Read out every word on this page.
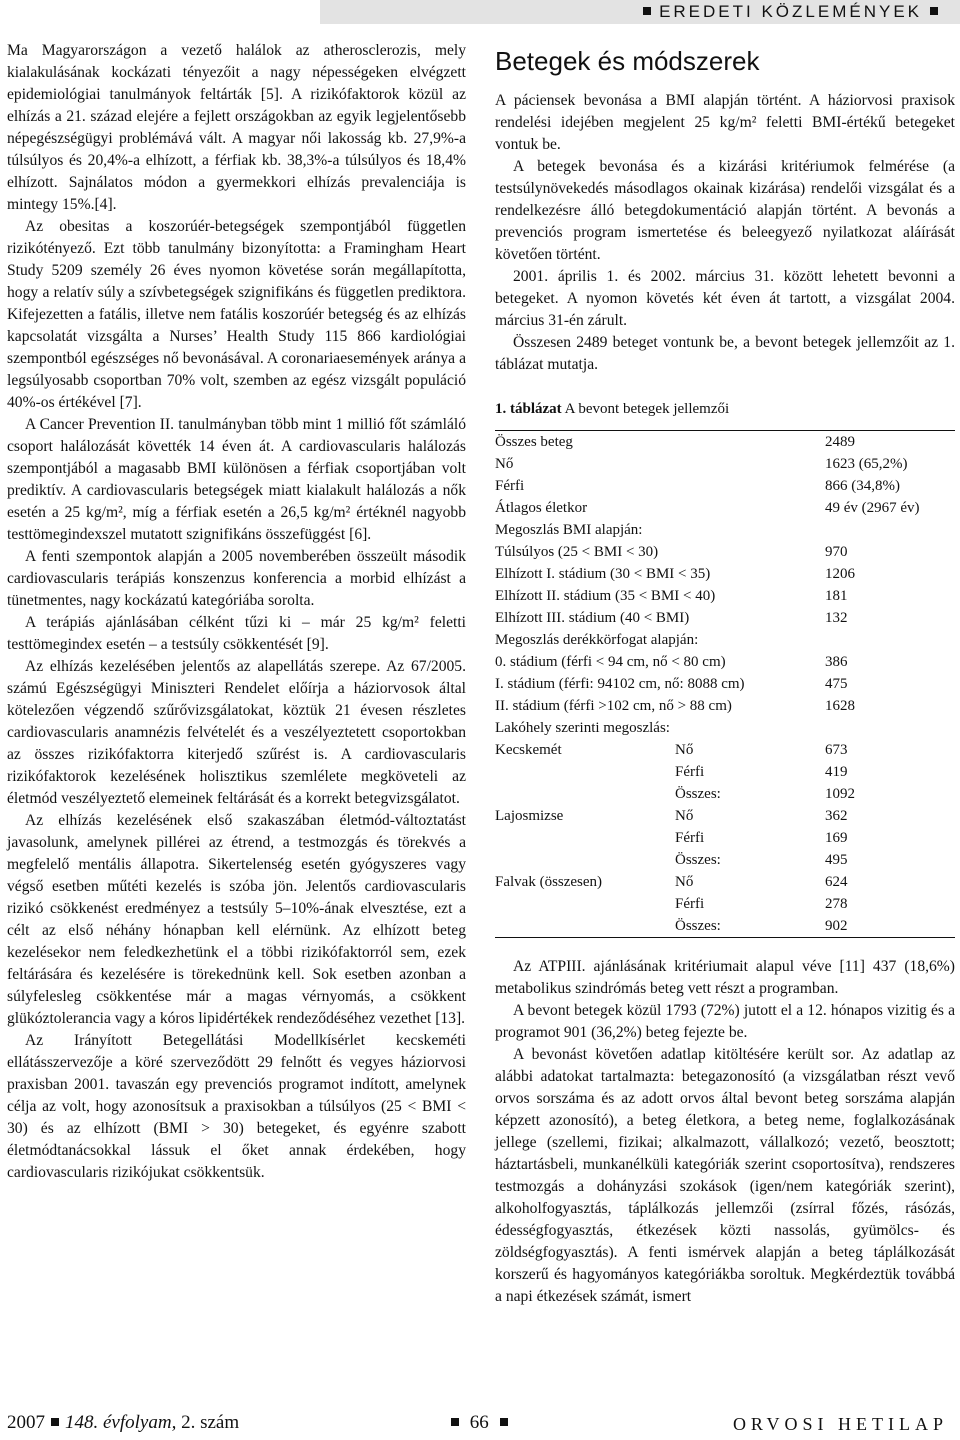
EREDETI KÖZLEMÉNYEK

Ma Magyarországon a vezető halálok az atherosclerozis, mely kialakulásának kockázati tényezőit a nagy népességeken elvégzett epidemiológiai tanulmányok feltárták [5]. A rizikófaktorok közül az elhízás a 21. század elejére a fejlett országokban az egyik legjelentősebb népegészségügyi problémává vált. A magyar női lakosság kb. 27,9%-a túlsúlyos és 20,4%-a elhízott, a férfiak kb. 38,3%-a túlsúlyos és 18,4% elhízott. Sajnálatos módon a gyermekkori elhízás prevalenciája is mintegy 15%.[4].

Az obesitas a koszorúér-betegségek szempontjából független rizikótényező. Ezt több tanulmány bizonyította: a Framingham Heart Study 5209 személy 26 éves nyomon követése során megállapította, hogy a relatív súly a szívbetegségek szignifikáns és független prediktora. Kifejezetten a fatális, illetve nem fatális koszorúér betegség és az elhízás kapcsolatát vizsgálta a Nurses’ Health Study 115 866 kardiológiai szempontból egészséges nő bevonásával. A coronariaesemények aránya a legsúlyosabb csoportban 70% volt, szemben az egész vizsgált populáció 40%-os értékével [7].

A Cancer Prevention II. tanulmányban több mint 1 millió főt számláló csoport halálozását követték 14 éven át. A cardiovascularis halálozás szempontjából a magasabb BMI különösen a férfiak csoportjában volt prediktív. A cardiovascularis betegségek miatt kialakult halálozás a nők esetén a 25 kg/m², míg a férfiak esetén a 26,5 kg/m² értéknél nagyobb testtömegindexszel mutatott szignifikáns összefüggést [6].

A fenti szempontok alapján a 2005 novemberében összeült második cardiovascularis terápiás konszenzus konferencia a morbid elhízást a tünetmentes, nagy kockázatú kategóriába sorolta.

A terápiás ajánlásában célként tűzi ki – már 25 kg/m² feletti testtömegindex esetén – a testsúly csökkentését [9].

Az elhízás kezelésében jelentős az alapellátás szerepe. Az 67/2005. számú Egészségügyi Miniszteri Rendelet előírja a háziorvosok által kötelezően végzendő szűrővizsgálatokat, köztük 21 évesen részletes cardiovascularis anamnézis felvételét és a veszélyeztetett csoportokban az összes rizikófaktorra kiterjedő szűrést is. A cardiovascularis rizikófaktorok kezelésének holisztikus szemlélete megköveteli az életmód veszélyeztető elemeinek feltárását és a korrekt betegvizsgálatot.

Az elhízás kezelésének első szakaszában életmód-változtatást javasolunk, amelynek pillérei az étrend, a testmozgás és törekvés a megfelelő mentális állapotra. Sikertelenség esetén gyógyszeres vagy végső esetben műtéti kezelés is szóba jön. Jelentős cardiovascularis rizikó csökkenést eredményez a testsúly 5–10%-ának elvesztése, ezt a célt az első néhány hónapban kell elérnünk. Az elhízott beteg kezelésekor nem feledkezhetünk el a többi rizikófaktorról sem, ezek feltárására és kezelésére is törekednünk kell. Sok esetben azonban a súlyfelesleg csökkentése már a magas vérnyomás, a csökkent glükóztolerancia vagy a kóros lipidértékek rendeződéséhez vezethet [13].

Az Irányított Betegellátási Modellkísérlet kecskeméti ellátásszervezője a köré szerveződött 29 felnőtt és vegyes háziorvosi praxisban 2001. tavaszán egy prevenciós programot indított, amelynek célja az volt, hogy azonosítsuk a praxisokban a túlsúlyos (25 < BMI < 30) és az elhízott (BMI > 30) betegeket, és egyénre szabott életmódtanácsokkal lássuk el őket annak érdekében, hogy cardiovascularis rizikójukat csökkentsük.

Betegek és módszerek

A páciensek bevonása a BMI alapján történt. A háziorvosi praxisok rendelési idejében megjelent 25 kg/m² feletti BMI-értékű betegeket vontuk be.

A betegek bevonása és a kizárási kritériumok felmérése (a testsúlynövekedés másodlagos okainak kizárása) rendelői vizsgálat és a rendelkezésre álló betegdokumentáció alapján történt. A bevonás a prevenciós program ismertetése és beleegyező nyilatkozat aláírását követően történt.

2001. április 1. és 2002. március 31. között lehetett bevonni a betegeket. A nyomon követés két éven át tartott, a vizsgálat 2004. március 31-én zárult.

Összesen 2489 beteget vontunk be, a bevont betegek jellemzőit az 1. táblázat mutatja.

1. táblázat A bevont betegek jellemzői
Összes beteg		2489
Nő		1623 (65,2%)
Férfi		866 (34,8%)
Átlagos életkor		49 év (2967 év)
Megoszlás BMI alapján:		
Túlsúlyos (25 < BMI < 30)		970
Elhízott I. stádium (30 < BMI < 35)		1206
Elhízott II. stádium (35 < BMI < 40)		181
Elhízott III. stádium (40 < BMI)		132
Megoszlás derékkörfogat alapján:		
0. stádium (férfi < 94 cm, nő < 80 cm)		386
I. stádium (férfi: 94102 cm, nő: 8088 cm)		475
II. stádium (férfi >102 cm, nő > 88 cm)		1628
Lakóhely szerinti megoszlás:		
Kecskemét	Nő	673
	Férfi	419
	Összes:	1092
Lajosmizse	Nő	362
	Férfi	169
	Összes:	495
Falvak (összesen)	Nő	624
	Férfi	278
	Összes:	902

Az ATPIII. ajánlásának kritériumait alapul véve [11] 437 (18,6%) metabolikus szindrómás beteg vett részt a programban.

A bevont betegek közül 1793 (72%) jutott el a 12. hónapos vizitig és a programot 901 (36,2%) beteg fejezte be.

A bevonást követően adatlap kitöltésére került sor. Az adatlap az alábbi adatokat tartalmazta: betegazonosító (a vizsgálatban részt vevő orvos sorszáma és az adott orvos által bevont beteg sorszáma alapján képzett azonosító), a beteg életkora, a beteg neme, foglalkozásának jellege (szellemi, fizikai; alkalmazott, vállalkozó; vezető, beosztott; háztartásbeli, munkanélküli kategóriák szerint csoportosítva), rendszeres testmozgás a dohányzási szokások (igen/nem kategóriák szerint), alkoholfogyasztás, táplálkozás jellemzői (zsírral főzés, rásózás, édességfogyasztás, étkezések közti nassolás, gyümölcs- és zöldségfogyasztás). A fenti ismérvek alapján a beteg táplálkozását korszerű és hagyományos kategóriákba soroltuk. Megkérdeztük továbbá a napi étkezések számát, ismert

2007 148. évfolyam, 2. szám	66	ORVOSI HETILAP
